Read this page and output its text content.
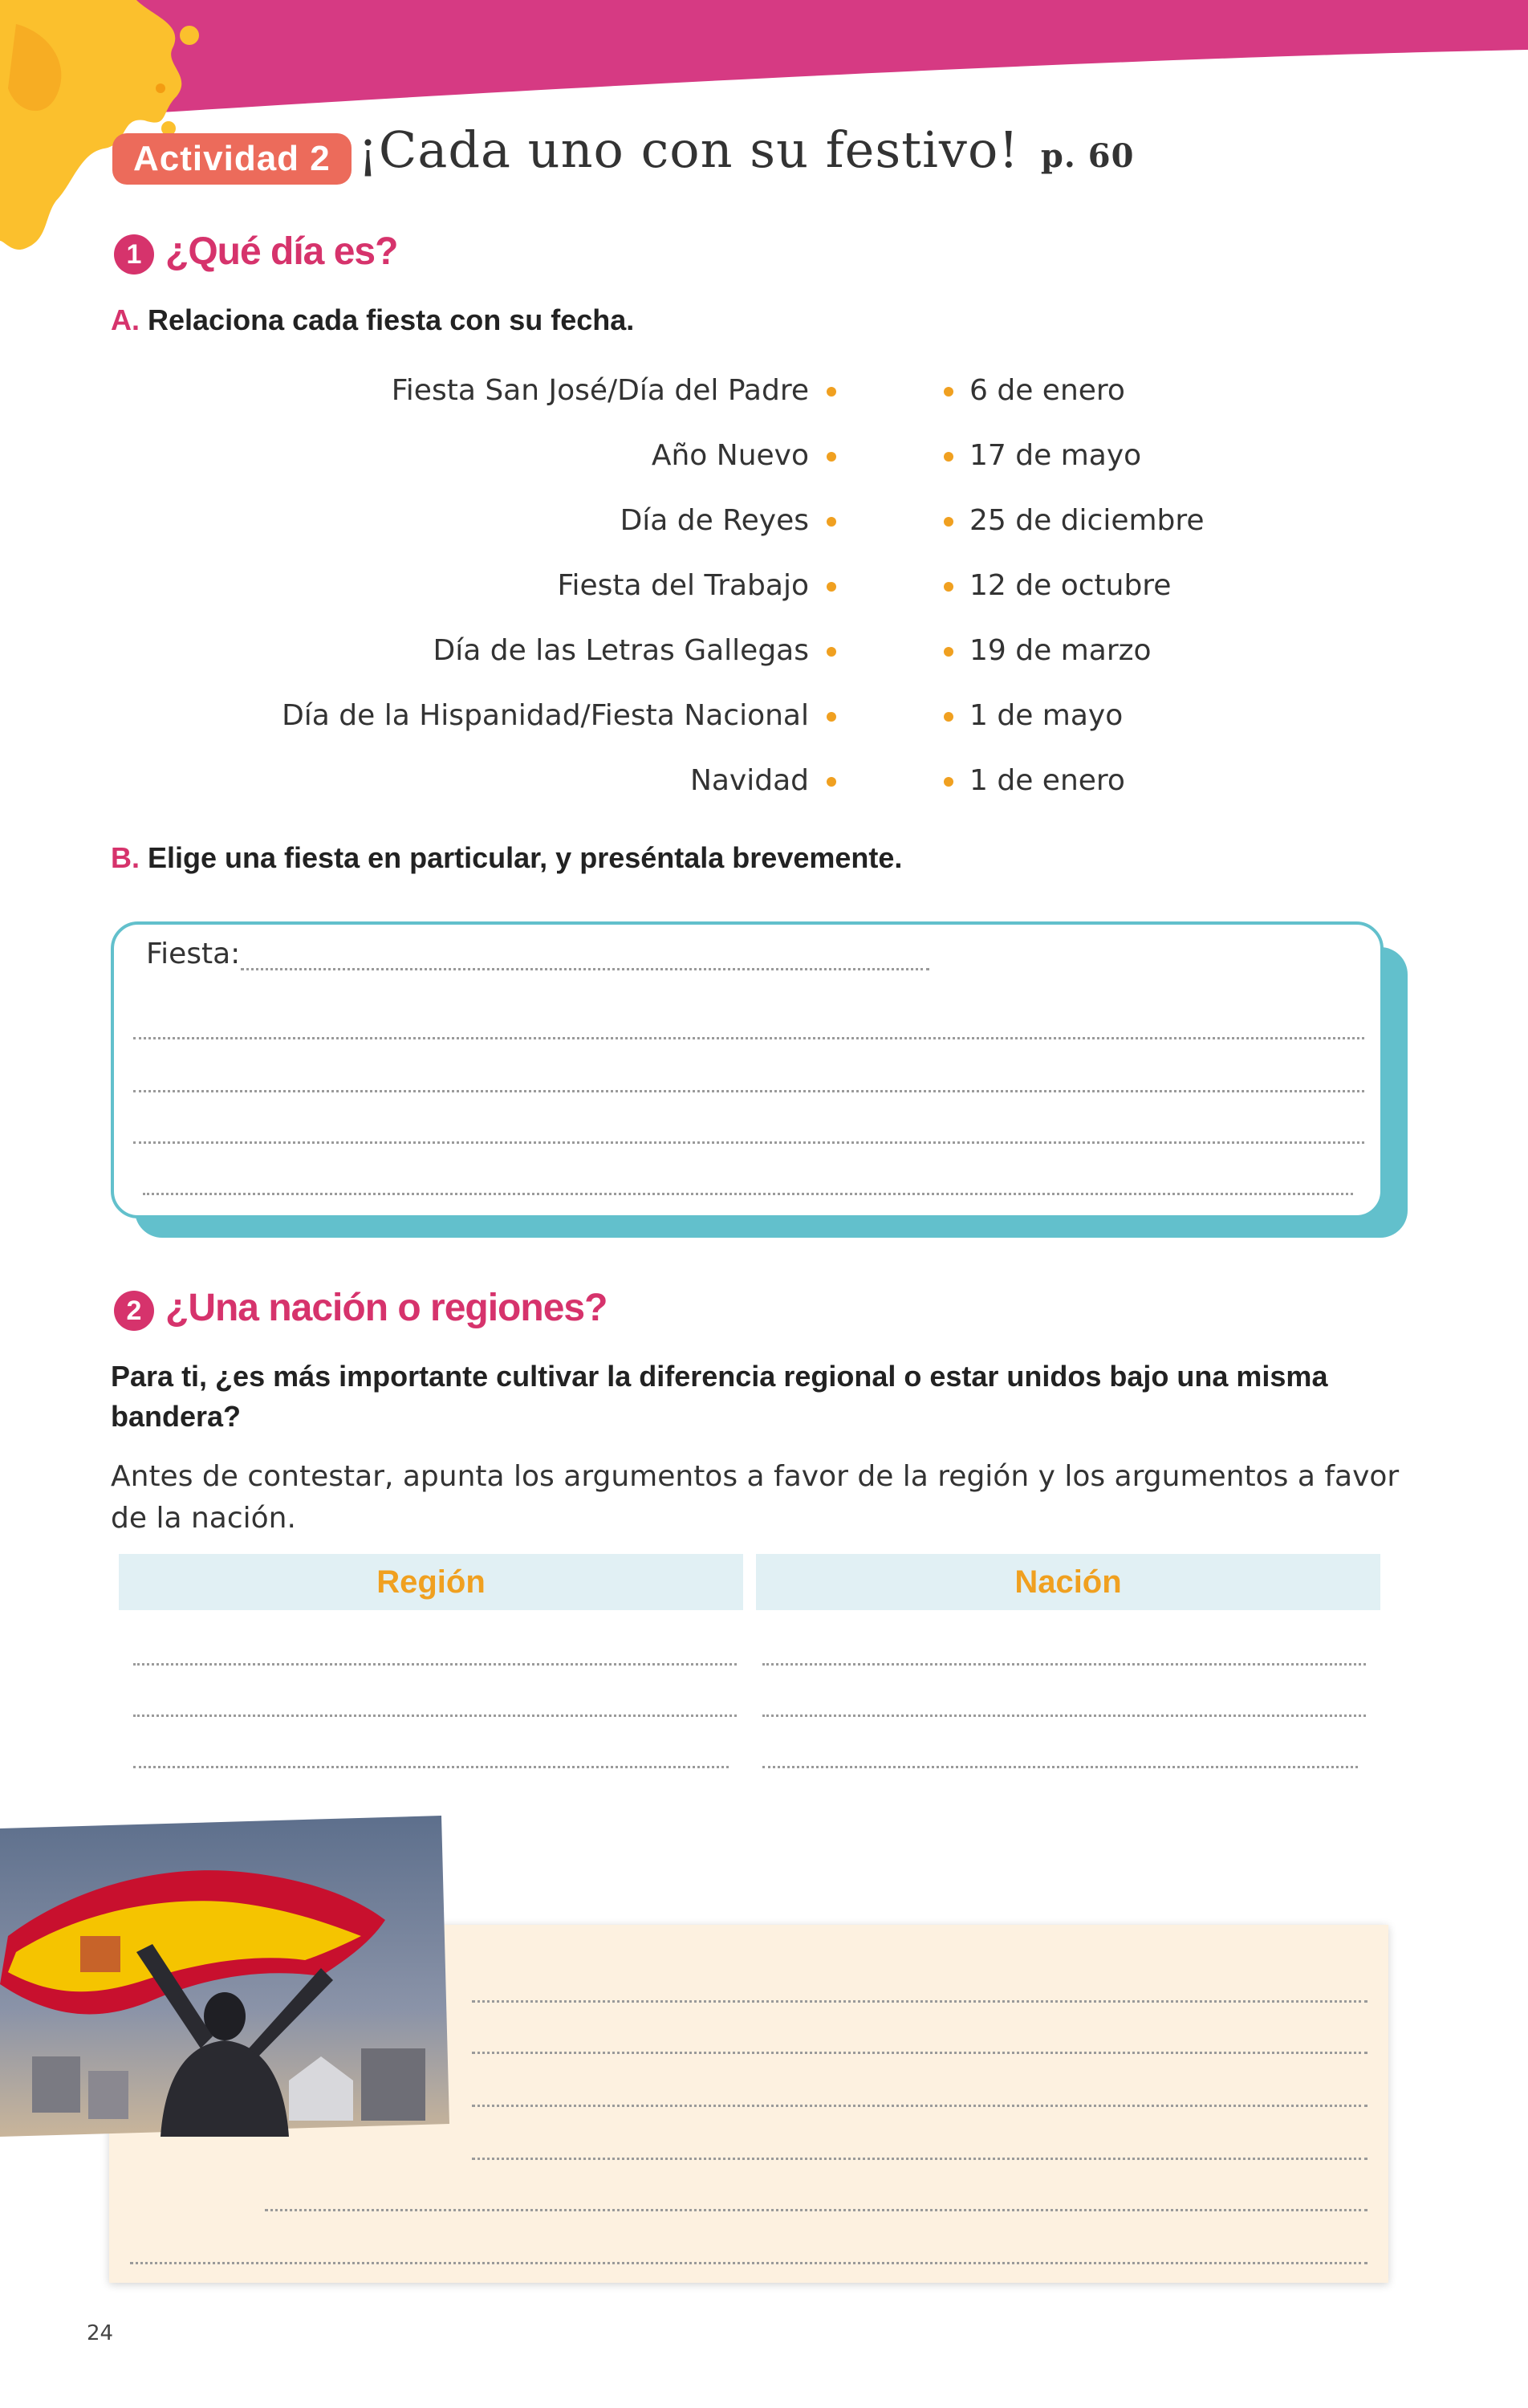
Actividad 2 ¡Cada uno con su festivo! p. 60
1 ¿Qué día es?
A. Relaciona cada fiesta con su fecha.
Fiesta San José/Día del Padre
Año Nuevo
Día de Reyes
Fiesta del Trabajo
Día de las Letras Gallegas
Día de la Hispanidad/Fiesta Nacional
Navidad
6 de enero
17 de mayo
25 de diciembre
12 de octubre
19 de marzo
1 de mayo
1 de enero
B. Elige una fiesta en particular, y preséntala brevemente.
Fiesta:
2 ¿Una nación o regiones?
Para ti, ¿es más importante cultivar la diferencia regional o estar unidos bajo una misma bandera?
Antes de contestar, apunta los argumentos a favor de la región y los argumentos a favor de la nación.
Región	Nación
24
